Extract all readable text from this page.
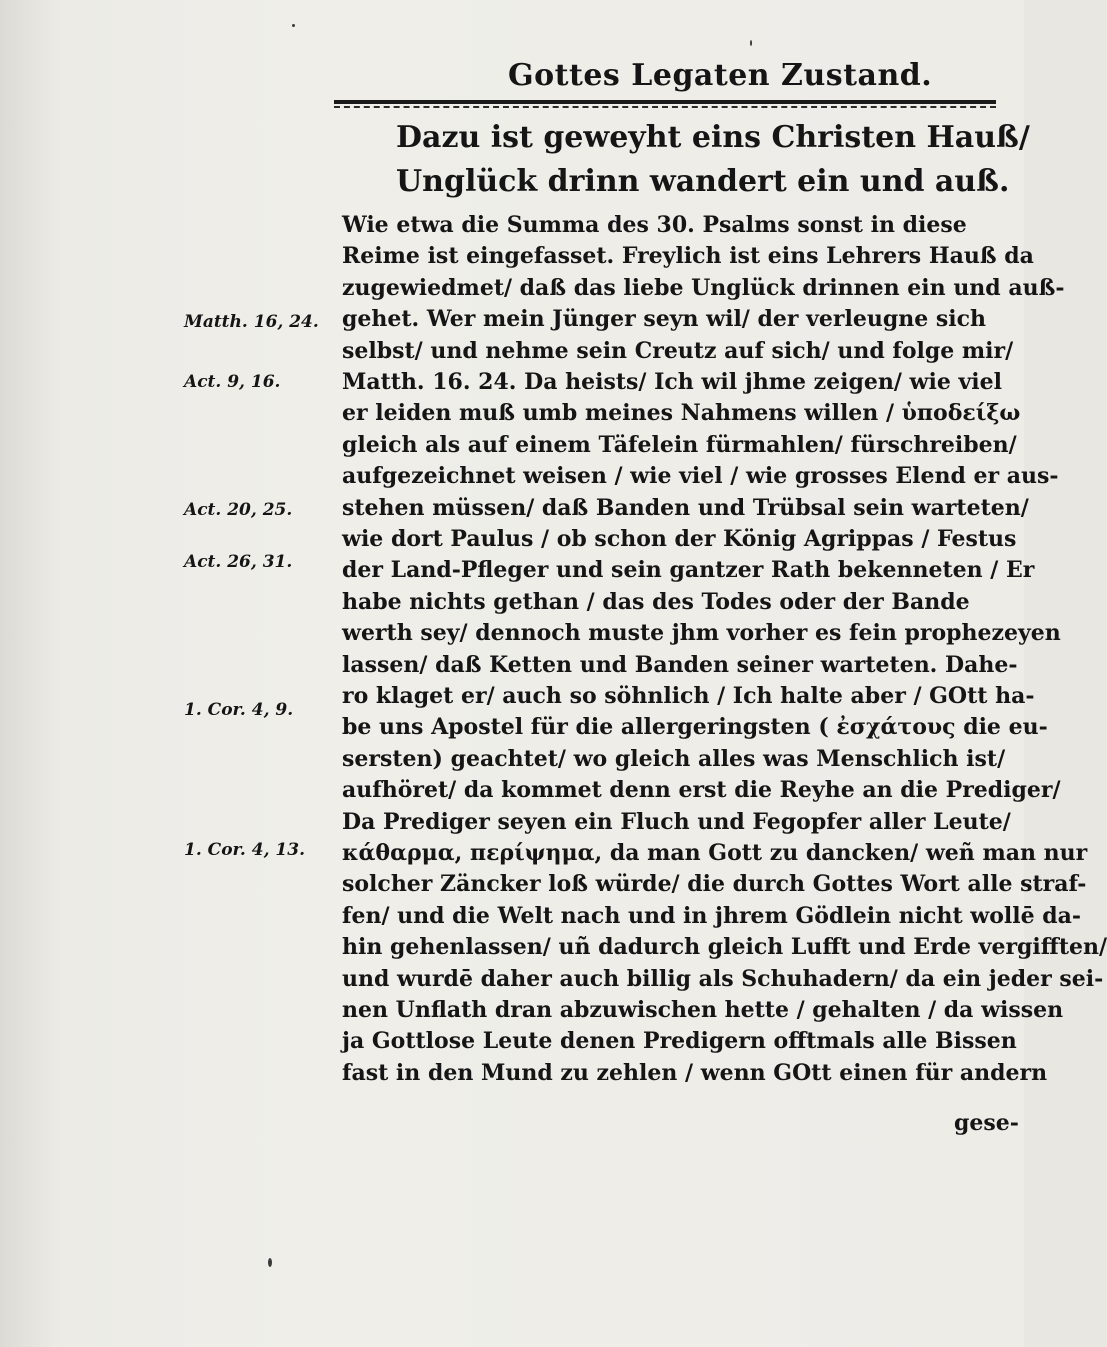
Gottes Legaten Zustand.
Dazu ist geweyht eins Christen Hauß/
Unglück drinn wandert ein und auß.
Wie etwa die Summa des 30. Psalms sonst in diese
Reime ist eingefasset. Freylich ist eins Lehrers Hauß da
zugewiedmet/ daß das liebe Unglück drinnen ein und auß-
gehet. Wer mein Jünger seyn wil/ der verleugne sich
selbst/ und nehme sein Creutz auf sich/ und folge mir/
Matth. 16. 24. Da heists/ Ich wil jhme zeigen/ wie viel
er leiden muß umb meines Nahmens willen / ὑποδείξω
gleich als auf einem Täfelein fürmahlen/ fürschreiben/
aufgezeichnet weisen / wie viel / wie grosses Elend er aus-
stehen müssen/ daß Banden und Trübsal sein warteten/
wie dort Paulus / ob schon der König Agrippas / Festus
der Land-Pfleger und sein gantzer Rath bekenneten / Er
habe nichts gethan / das des Todes oder der Bande
werth sey/ dennoch muste jhm vorher es fein prophezeyen
lassen/ daß Ketten und Banden seiner warteten. Dahe-
ro klaget er/ auch so söhnlich / Ich halte aber / GOtt ha-
be uns Apostel für die allergeringsten ( ἐσχάτους die eu-
sersten) geachtet/ wo gleich alles was Menschlich ist/
aufhöret/ da kommet denn erst die Reyhe an die Prediger/
Da Prediger seyen ein Fluch und Fegopfer aller Leute/
κάθαρμα, περίψημα, da man Gott zu dancken/ weñ man nur
solcher Zäncker loß würde/ die durch Gottes Wort alle straf-
fen/ und die Welt nach und in jhrem Gödlein nicht wollē da-
hin gehenlassen/ uñ dadurch gleich Lufft und Erde vergifften/
und wurdē daher auch billig als Schuhadern/ da ein jeder sei-
nen Unflath dran abzuwischen hette / gehalten / da wissen
ja Gottlose Leute denen Predigern offtmals alle Bissen
fast in den Mund zu zehlen / wenn GOtt einen für andern
Matth. 16, 24.
Act. 9, 16.
Act. 20, 25.
Act. 26, 31.
1. Cor. 4, 9.
1. Cor. 4, 13.
gese-
